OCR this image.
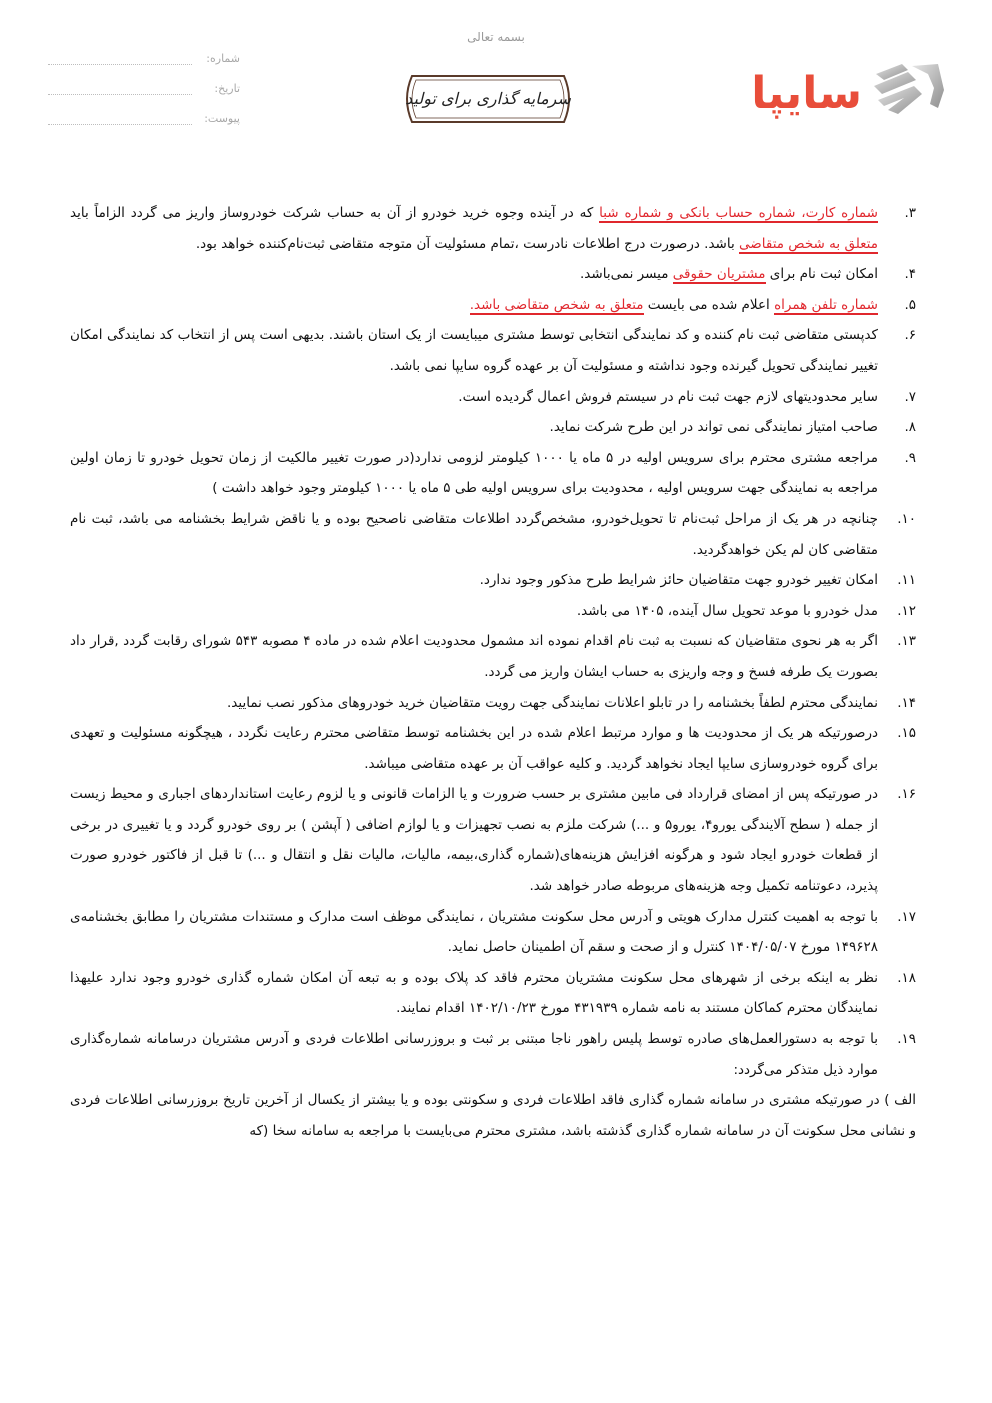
بسمه تعالی
سایپا
سرمایه گذاری برای تولید
شماره:
تاریخ:
پیوست:
۳.
شماره کارت، شماره حساب بانکی و شماره شبا که در آینده وجوه خرید خودرو از آن به حساب شرکت خودروساز واریز می گردد الزاماً باید متعلق به شخص متقاضی باشد. درصورت درج اطلاعات نادرست ،تمام مسئولیت آن متوجه متقاضی ثبت‌نام‌کننده خواهد بود.
۴.
امکان ثبت نام برای مشتریان حقوقی میسر نمی‌باشد.
۵.
شماره تلفن همراه اعلام شده می بایست متعلق به شخص متقاضی باشد.
۶.
کدپستی متقاضی ثبت نام کننده و کد نمایندگی انتخابی توسط مشتری میبایست از یک استان باشند. بدیهی است پس از انتخاب کد نمایندگی امکان تغییر نمایندگی تحویل گیرنده وجود نداشته و مسئولیت آن بر عهده گروه سایپا نمی باشد.
۷.
سایر محدودیتهای لازم جهت ثبت نام در سیستم فروش اعمال گردیده است.
۸.
صاحب امتیاز نمایندگی نمی تواند در این طرح شرکت نماید.
۹.
مراجعه مشتری محترم برای سرویس اولیه در ۵ ماه یا ۱۰۰۰ کیلومتر لزومی ندارد(در صورت تغییر مالکیت از زمان تحویل خودرو تا زمان اولین مراجعه به نمایندگی جهت سرویس اولیه ، محدودیت برای سرویس اولیه طی ۵ ماه یا ۱۰۰۰ کیلومتر وجود خواهد داشت )
۱۰.
چنانچه در هر یک از مراحل ثبت‌نام تا تحویل‌خودرو، مشخص‌گردد اطلاعات متقاضی ناصحیح بوده و یا ناقض شرایط بخشنامه می باشد، ثبت نام متقاضی کان لم یکن خواهدگردید.
۱۱.
امکان تغییر خودرو جهت متقاضیان حائز شرایط طرح مذکور وجود ندارد.
۱۲.
مدل خودرو با موعد تحویل سال آینده، ۱۴۰۵ می باشد.
۱۳.
اگر به هر نحوی متقاضیان که نسبت به ثبت نام اقدام نموده اند مشمول محدودیت اعلام شده در ماده ۴ مصوبه ۵۴۳ شورای رقابت گردد ,قرار داد بصورت یک طرفه فسخ و وجه واریزی به حساب ایشان واریز می گردد.
۱۴.
نمایندگی محترم لطفاً بخشنامه را در تابلو اعلانات نمایندگی جهت رویت متقاضیان خرید خودروهای مذکور نصب نمایید.
۱۵.
درصورتیکه هر یک از محدودیت ها و موارد مرتبط اعلام شده در این بخشنامه توسط متقاضی محترم رعایت نگردد ، هیچگونه مسئولیت و تعهدی برای گروه خودروسازی سایپا ایجاد نخواهد گردید. و کلیه عواقب آن بر عهده متقاضی میباشد.
۱۶.
در صورتیکه پس از امضای قرارداد فی مابین مشتری بر حسب ضرورت و یا الزامات قانونی و یا لزوم رعایت استانداردهای اجباری و محیط زیست از جمله ( سطح آلایندگی یورو۴، یورو۵ و ...) شرکت ملزم به نصب تجهیزات و یا لوازم اضافی ( آپشن ) بر روی خودرو گردد و یا تغییری در برخی از قطعات خودرو ایجاد شود و هرگونه افزایش هزینه‌های(شماره گذاری،بیمه، مالیات، مالیات نقل و انتقال و ...) تا قبل از فاکتور خودرو صورت پذیرد، دعوتنامه تکمیل وجه هزینه‌های مربوطه صادر خواهد شد.
۱۷.
با توجه به اهمیت کنترل مدارک هویتی و آدرس محل سکونت مشتریان ، نمایندگی موظف است مدارک و مستندات مشتریان را مطابق بخشنامه‌ی ۱۴۹۶۲۸ مورخ ۱۴۰۴/۰۵/۰۷ کنترل و از صحت و سقم آن اطمینان حاصل نماید.
۱۸.
نظر به اینکه برخی از شهرهای محل سکونت مشتریان محترم فاقد کد پلاک بوده و به تبعه آن امکان شماره گذاری خودرو وجود ندارد علیهذا نمایندگان محترم کماکان مستند به نامه شماره ۴۳۱۹۳۹ مورخ ۱۴۰۲/۱۰/۲۳ اقدام نمایند.
۱۹.
با توجه به دستورالعمل‌های صادره توسط پلیس راهور ناجا مبتنی بر ثبت و بروزرسانی اطلاعات فردی و آدرس مشتریان درسامانه شماره‌گذاری موارد ذیل متذکر می‌گردد:
الف ) در صورتیکه مشتری در سامانه شماره گذاری فاقد اطلاعات فردی و سکونتی بوده و یا بیشتر از یکسال از آخرین تاریخ بروزرسانی اطلاعات فردی و نشانی محل سکونت آن در سامانه شماره گذاری گذشته باشد، مشتری محترم می‌بایست با مراجعه به سامانه سخا (که
